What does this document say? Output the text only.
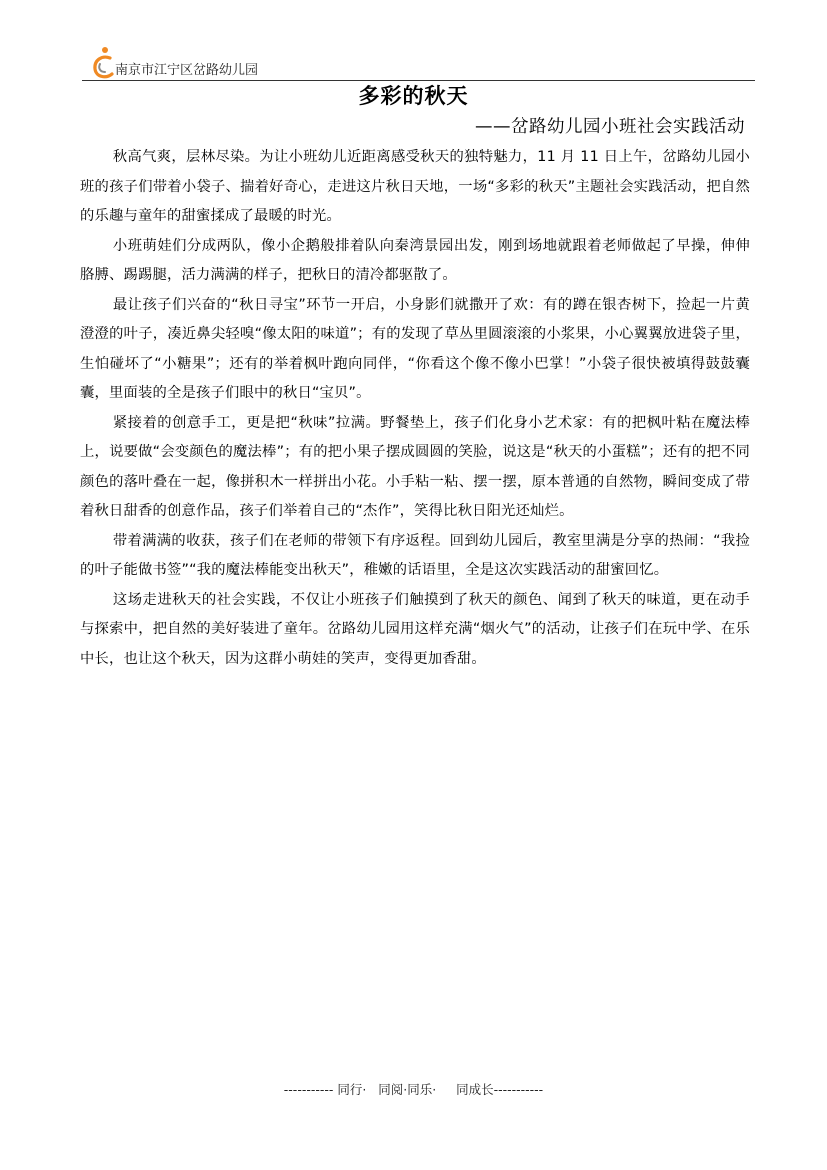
南京市江宁区岔路幼儿园
多彩的秋天
——岔路幼儿园小班社会实践活动

秋高气爽，层林尽染。为让小班幼儿近距离感受秋天的独特魅力，11 月 11 日上午，岔路幼儿园小班的孩子们带着小袋子、揣着好奇心，走进这片秋日天地，一场“多彩的秋天”主题社会实践活动，把自然的乐趣与童年的甜蜜揉成了最暖的时光。

小班萌娃们分成两队，像小企鹅般排着队向秦湾景园出发，刚到场地就跟着老师做起了早操，伸伸胳膊、踢踢腿，活力满满的样子，把秋日的清冷都驱散了。

最让孩子们兴奋的“秋日寻宝”环节一开启，小身影们就撒开了欢：有的蹲在银杏树下，捡起一片黄澄澄的叶子，凑近鼻尖轻嗅“像太阳的味道”；有的发现了草丛里圆滚滚的小浆果，小心翼翼放进袋子里，生怕碰坏了“小糖果”；还有的举着枫叶跑向同伴，“你看这个像不像小巴掌！”小袋子很快被填得鼓鼓囊囊，里面装的全是孩子们眼中的秋日“宝贝”。

紧接着的创意手工，更是把“秋味”拉满。野餐垫上，孩子们化身小艺术家：有的把枫叶粘在魔法棒上，说要做“会变颜色的魔法棒”；有的把小果子摆成圆圆的笑脸，说这是“秋天的小蛋糕”；还有的把不同颜色的落叶叠在一起，像拼积木一样拼出小花。小手粘一粘、摆一摆，原本普通的自然物，瞬间变成了带着秋日甜香的创意作品，孩子们举着自己的“杰作”，笑得比秋日阳光还灿烂。

带着满满的收获，孩子们在老师的带领下有序返程。回到幼儿园后，教室里满是分享的热闹：“我捡的叶子能做书签”“我的魔法棒能变出秋天”，稚嫩的话语里，全是这次实践活动的甜蜜回忆。

这场走进秋天的社会实践，不仅让小班孩子们触摸到了秋天的颜色、闻到了秋天的味道，更在动手与探索中，把自然的美好装进了童年。岔路幼儿园用这样充满“烟火气”的活动，让孩子们在玩中学、在乐中长，也让这个秋天，因为这群小萌娃的笑声，变得更加香甜。

----------- 同行·   同阅·同乐·     同成长-----------
